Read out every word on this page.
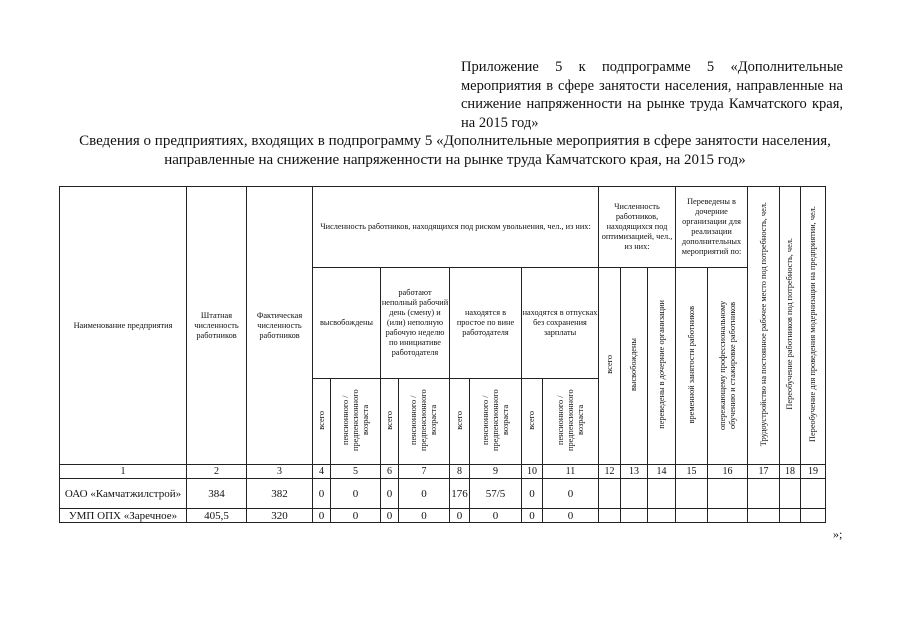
Приложение 5 к подпрограмме 5 «Дополнительные мероприятия в сфере занятости населения, направленные на снижение напряженности на рынке труда Камчатского края, на 2015 год»
Сведения о предприятиях, входящих в подпрограмму 5 «Дополнительные мероприятия в сфере занятости населения,
направленные на снижение напряженности на рынке труда Камчатского края, на 2015 год»
Наименование предприятия	Штатная численность работников	Фактическая численность работников	Численность работников, находящихся под риском увольнения, чел., из них:								Численность работников, находящихся под оптимизацией, чел., из них:			Переведены в дочерние организации для реализации дополнительных мероприятий по:		Трудоустройство на постоянное рабочее место под потребность, чел.	Переобучение работников под потребность, чел.	Переобучение для проведения модернизации на предприятии, чел.
			высвобождены		работают неполный рабочий день (смену) и (или) неполную рабочую неделю по инициативе работодателя		находятся в простое по вине работодателя		находятся в отпусках без сохранения зарплаты		всего	высвобождены	переведены в дочерние организации	временной занятости работников	опережающему профессиональному обучению и стажировке работников			
			всего	пенсионного / предпенсионного возраста	всего	пенсионного / предпенсионного возраста	всего	пенсионного / предпенсионного возраста	всего	пенсионного / предпенсионного возраста								
1	2	3	4	5	6	7	8	9	10	11	12	13	14	15	16	17	18	19
ОАО «Камчатжилстрой»	384	382	0	0	0	0	176	57/5	0	0								
УМП ОПХ «Заречное»	405,5	320	0	0	0	0	0	0	0	0								
»;
